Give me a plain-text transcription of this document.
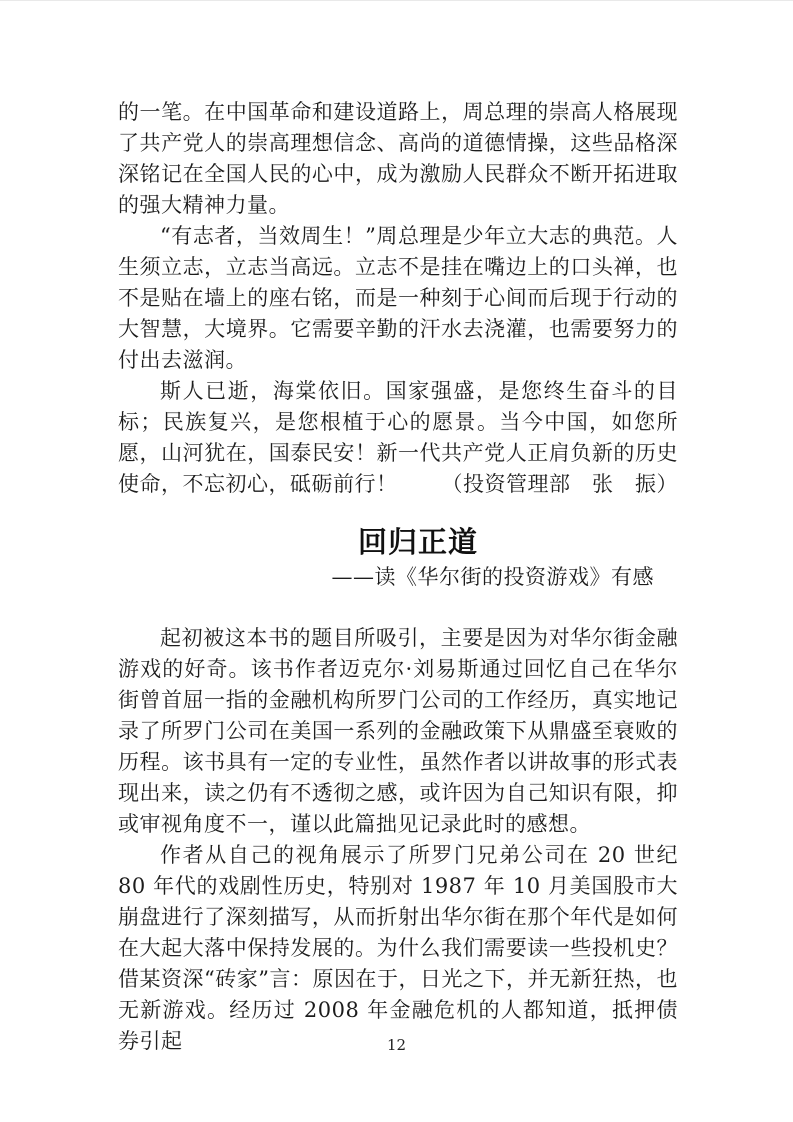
的一笔。在中国革命和建设道路上，周总理的崇高人格展现了共产党人的崇高理想信念、高尚的道德情操，这些品格深深铭记在全国人民的心中，成为激励人民群众不断开拓进取的强大精神力量。

“有志者，当效周生！”周总理是少年立大志的典范。人生须立志，立志当高远。立志不是挂在嘴边上的口头禅，也不是贴在墙上的座右铭，而是一种刻于心间而后现于行动的大智慧，大境界。它需要辛勤的汗水去浇灌，也需要努力的付出去滋润。

斯人已逝，海棠依旧。国家强盛，是您终生奋斗的目标；民族复兴，是您根植于心的愿景。当今中国，如您所愿，山河犹在，国泰民安！新一代共产党人正肩负新的历史使命，不忘初心，砥砺前行！	（投资管理部　张　振）

回归正道
——读《华尔街的投资游戏》有感

起初被这本书的题目所吸引，主要是因为对华尔街金融游戏的好奇。该书作者迈克尔·刘易斯通过回忆自己在华尔街曾首屈一指的金融机构所罗门公司的工作经历，真实地记录了所罗门公司在美国一系列的金融政策下从鼎盛至衰败的历程。该书具有一定的专业性，虽然作者以讲故事的形式表现出来，读之仍有不透彻之感，或许因为自己知识有限，抑或审视角度不一，谨以此篇拙见记录此时的感想。

作者从自己的视角展示了所罗门兄弟公司在 20 世纪 80 年代的戏剧性历史，特别对 1987 年 10 月美国股市大崩盘进行了深刻描写，从而折射出华尔街在那个年代是如何在大起大落中保持发展的。为什么我们需要读一些投机史？借某资深“砖家”言：原因在于，日光之下，并无新狂热，也无新游戏。经历过 2008 年金融危机的人都知道，抵押债券引起	12
